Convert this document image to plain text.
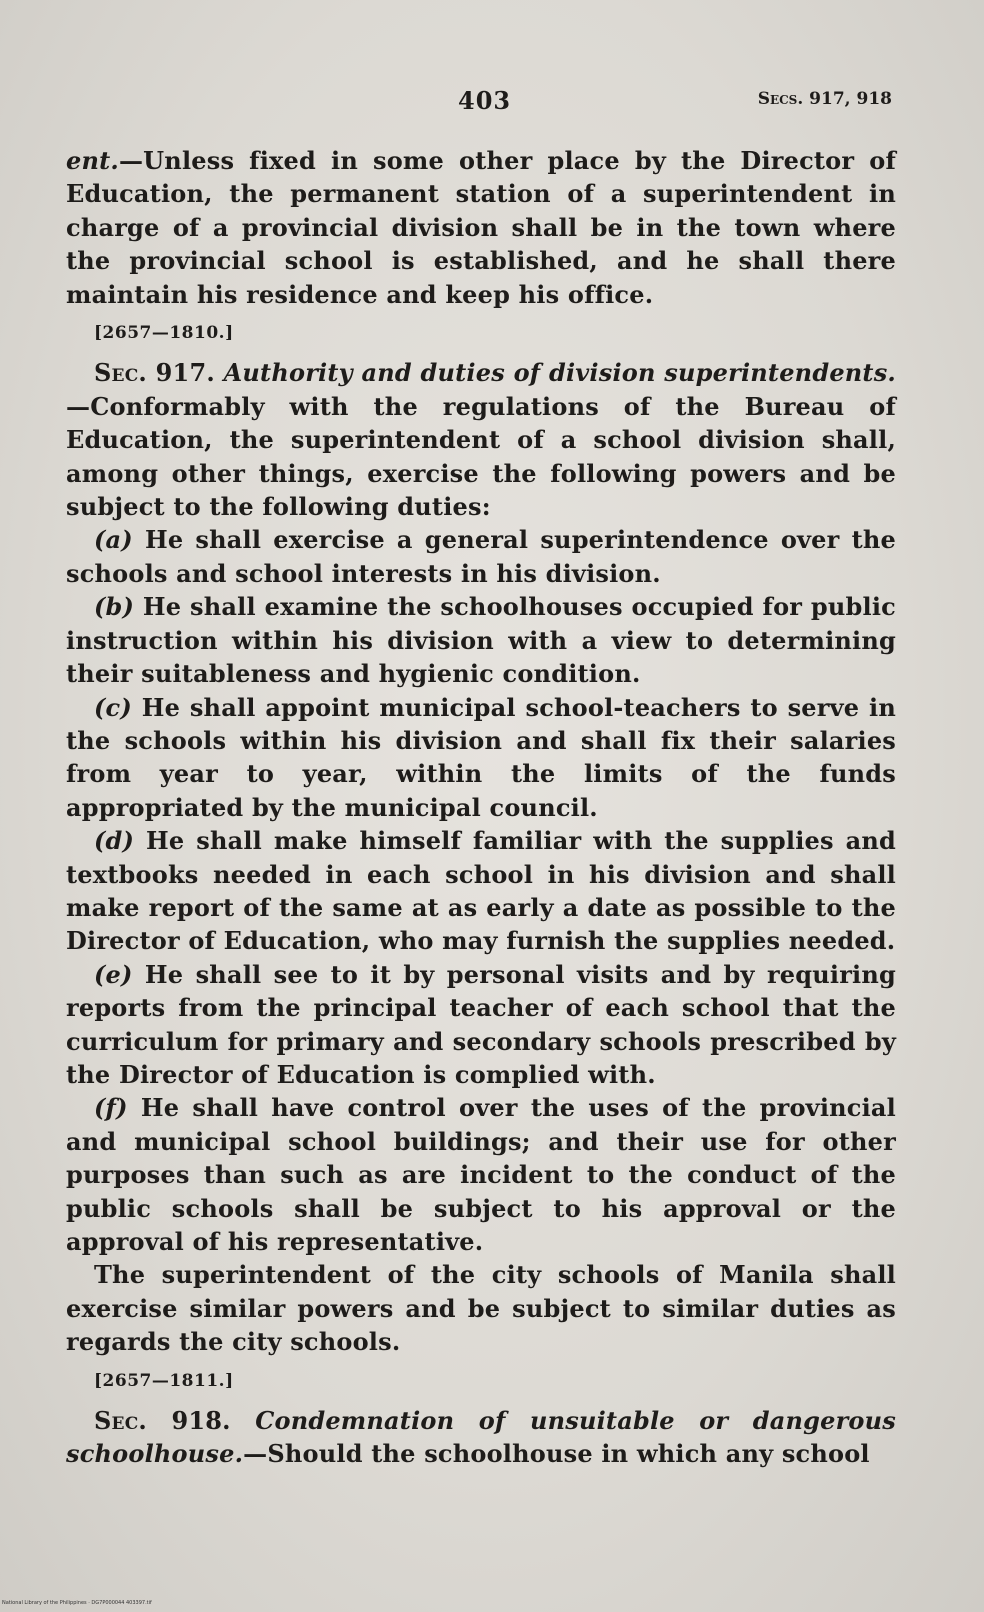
403	Secs. 917, 918

ent.—Unless fixed in some other place by the Director of Education, the permanent station of a superintendent in charge of a provincial division shall be in the town where the provincial school is established, and he shall there maintain his residence and keep his office.

[2657—1810.]

Sec. 917. Authority and duties of division superintendents.—Conformably with the regulations of the Bureau of Education, the superintendent of a school division shall, among other things, exercise the following powers and be subject to the following duties:

(a) He shall exercise a general superintendence over the schools and school interests in his division.

(b) He shall examine the schoolhouses occupied for public instruction within his division with a view to determining their suitableness and hygienic condition.

(c) He shall appoint municipal school-teachers to serve in the schools within his division and shall fix their salaries from year to year, within the limits of the funds appropriated by the municipal council.

(d) He shall make himself familiar with the supplies and textbooks needed in each school in his division and shall make report of the same at as early a date as possible to the Director of Education, who may furnish the supplies needed.

(e) He shall see to it by personal visits and by requiring reports from the principal teacher of each school that the curriculum for primary and secondary schools prescribed by the Director of Education is complied with.

(f) He shall have control over the uses of the provincial and municipal school buildings; and their use for other purposes than such as are incident to the conduct of the public schools shall be subject to his approval or the approval of his representative.

The superintendent of the city schools of Manila shall exercise similar powers and be subject to similar duties as regards the city schools.

[2657—1811.]

Sec. 918. Condemnation of unsuitable or dangerous schoolhouse.—Should the schoolhouse in which any school

National Library of the Philippines · DG7P000044 403397.tif
